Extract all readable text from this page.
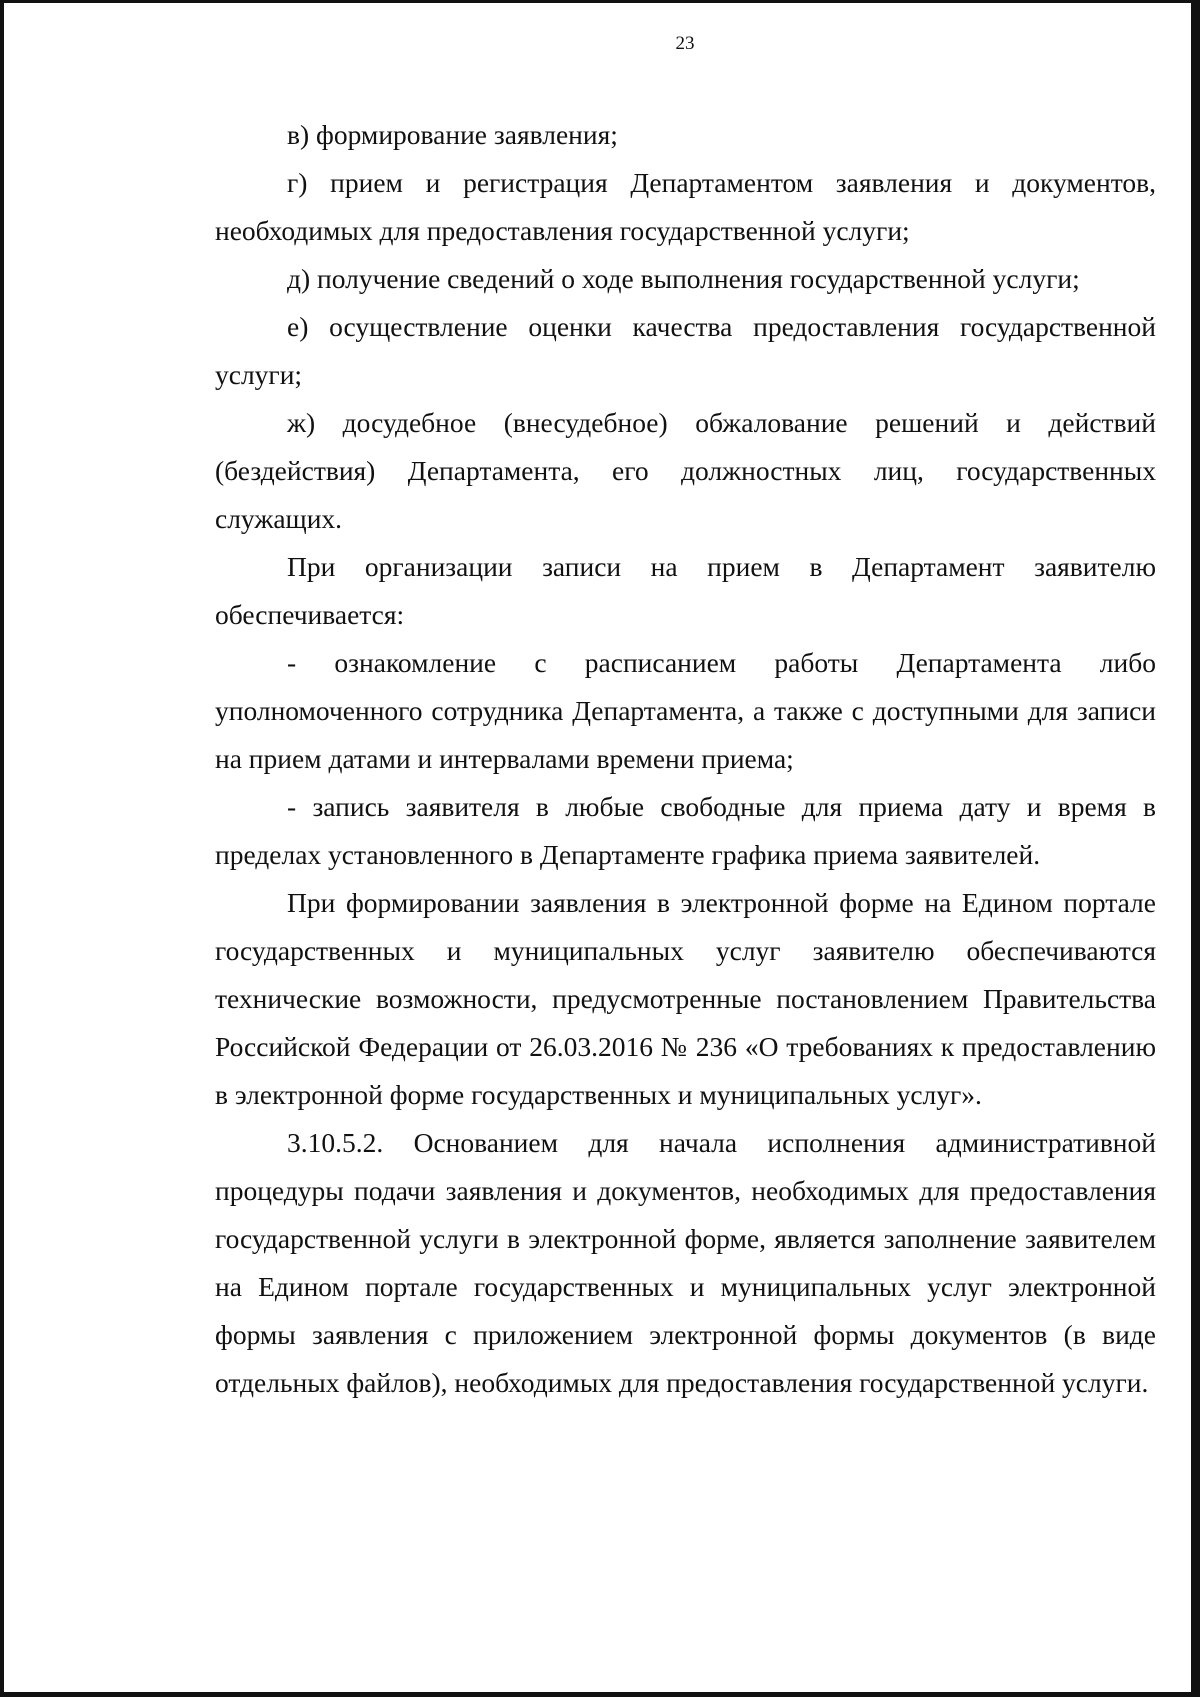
23

в) формирование заявления;

г) прием и регистрация Департаментом заявления и документов, необходимых для предоставления государственной услуги;

д) получение сведений о ходе выполнения государственной услуги;

е) осуществление оценки качества предоставления государственной услуги;

ж) досудебное (внесудебное) обжалование решений и действий (бездействия) Департамента, его должностных лиц, государственных служащих.

При организации записи на прием в Департамент заявителю обеспечивается:

- ознакомление с расписанием работы Департамента либо уполномоченного сотрудника Департамента, а также с доступными для записи на прием датами и интервалами времени приема;

- запись заявителя в любые свободные для приема дату и время в пределах установленного в Департаменте графика приема заявителей.

При формировании заявления в электронной форме на Едином портале государственных и муниципальных услуг заявителю обеспечиваются технические возможности, предусмотренные постановлением Правительства Российской Федерации от 26.03.2016 № 236 «О требованиях к предоставлению в электронной форме государственных и муниципальных услуг».

3.10.5.2. Основанием для начала исполнения административной процедуры подачи заявления и документов, необходимых для предоставления государственной услуги в электронной форме, является заполнение заявителем на Едином портале государственных и муниципальных услуг электронной формы заявления с приложением электронной формы документов (в виде отдельных файлов), необходимых для предоставления государственной услуги.
